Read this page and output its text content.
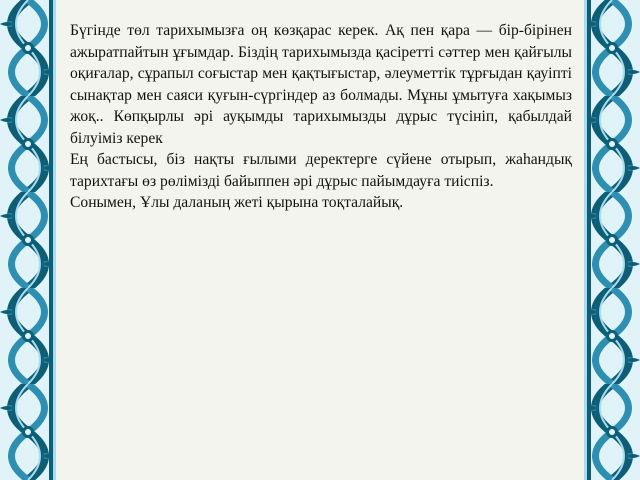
Бүгінде төл тарихымызға оң көзқарас керек. Ақ пен қара — бір-бірінен ажыратпайтын ұғымдар. Біздің тарихымызда қасіретті сәттер мен қайғылы оқиғалар, сұрапыл соғыстар мен қақтығыстар, әлеуметтік тұрғыдан қауіпті сынақтар мен саяси қуғын-сүргіндер аз болмады. Мұны ұмытуға хақымыз жоқ.. Көпқырлы әрі ауқымды тарихымызды дұрыс түсініп, қабылдай білуіміз керек

Ең бастысы, біз нақты ғылыми деректерге сүйене отырып, жаһандық тарихтағы өз рөлімізді байыппен әрі дұрыс пайымдауға тиіспіз.

Сонымен, Ұлы даланың жеті қырына тоқталайық.
